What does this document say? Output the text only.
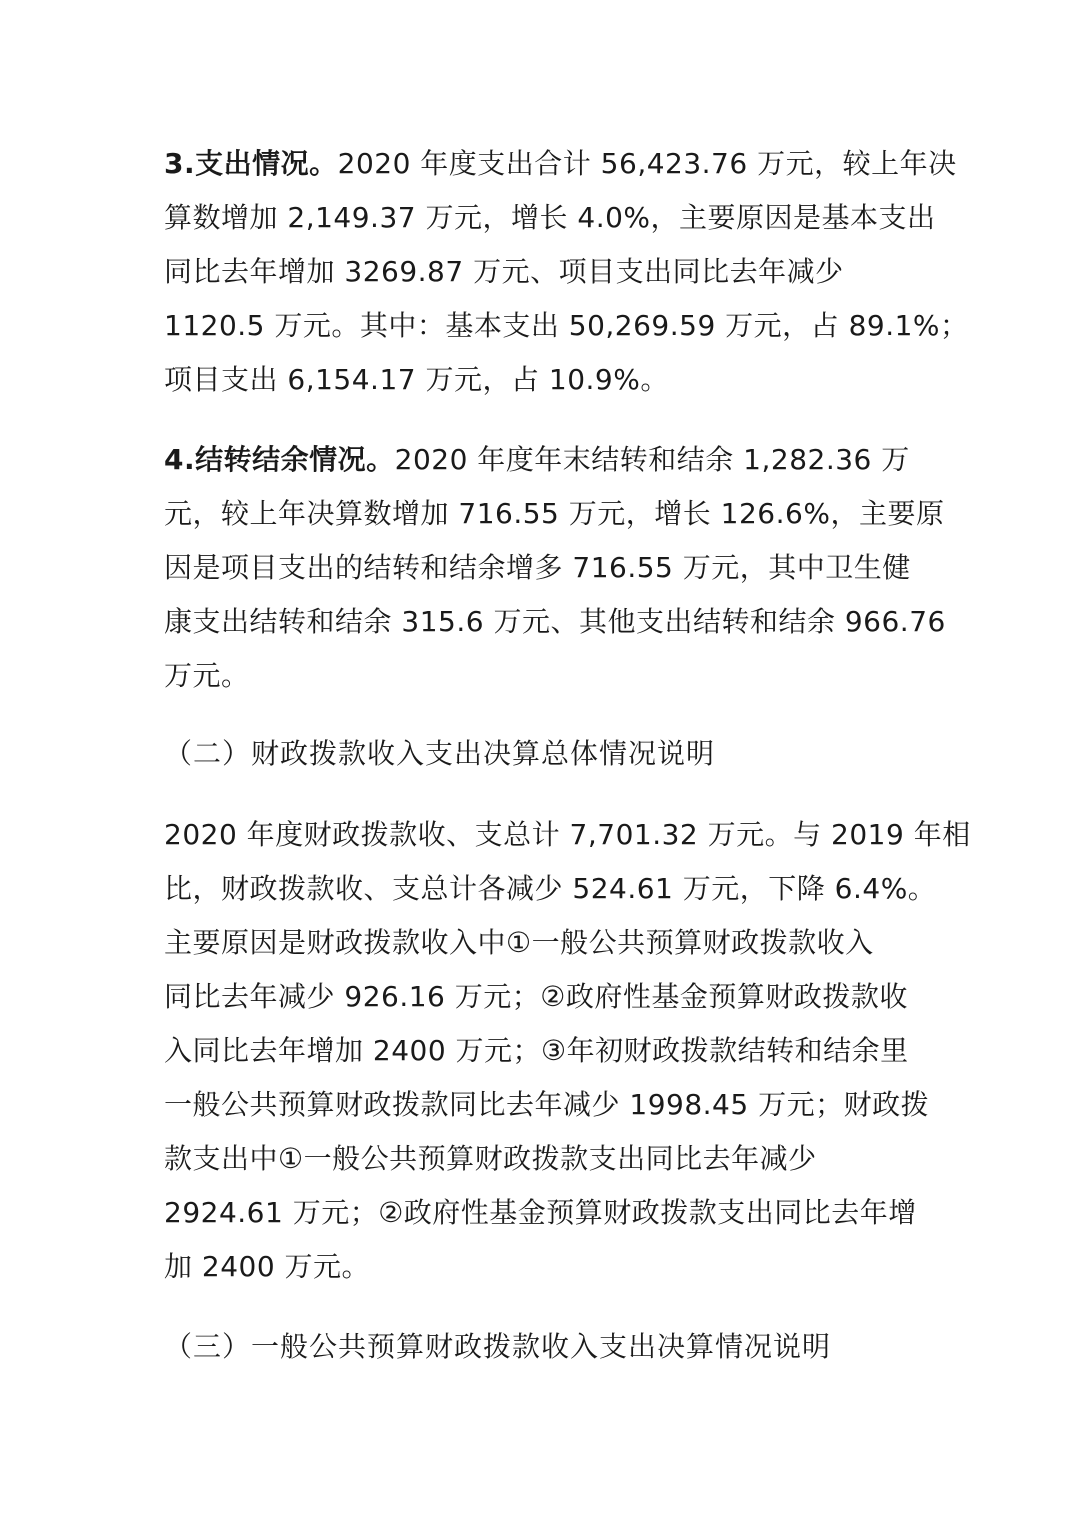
3.支出情况。2020 年度支出合计 56,423.76 万元，较上年决
算数增加 2,149.37 万元，增长 4.0%，主要原因是基本支出
同比去年增加 3269.87 万元、项目支出同比去年减少
1120.5 万元。其中：基本支出 50,269.59 万元，占 89.1%；
项目支出 6,154.17 万元，占 10.9%。
4.结转结余情况。2020 年度年末结转和结余 1,282.36 万
元，较上年决算数增加 716.55 万元，增长 126.6%，主要原
因是项目支出的结转和结余增多 716.55 万元，其中卫生健
康支出结转和结余 315.6 万元、其他支出结转和结余 966.76
万元。
（二）财政拨款收入支出决算总体情况说明
2020 年度财政拨款收、支总计 7,701.32 万元。与 2019 年相
比，财政拨款收、支总计各减少 524.61 万元，下降 6.4%。
主要原因是财政拨款收入中①一般公共预算财政拨款收入
同比去年减少 926.16 万元；②政府性基金预算财政拨款收
入同比去年增加 2400 万元；③年初财政拨款结转和结余里
一般公共预算财政拨款同比去年减少 1998.45 万元；财政拨
款支出中①一般公共预算财政拨款支出同比去年减少
2924.61 万元；②政府性基金预算财政拨款支出同比去年增
加 2400 万元。
（三）一般公共预算财政拨款收入支出决算情况说明
